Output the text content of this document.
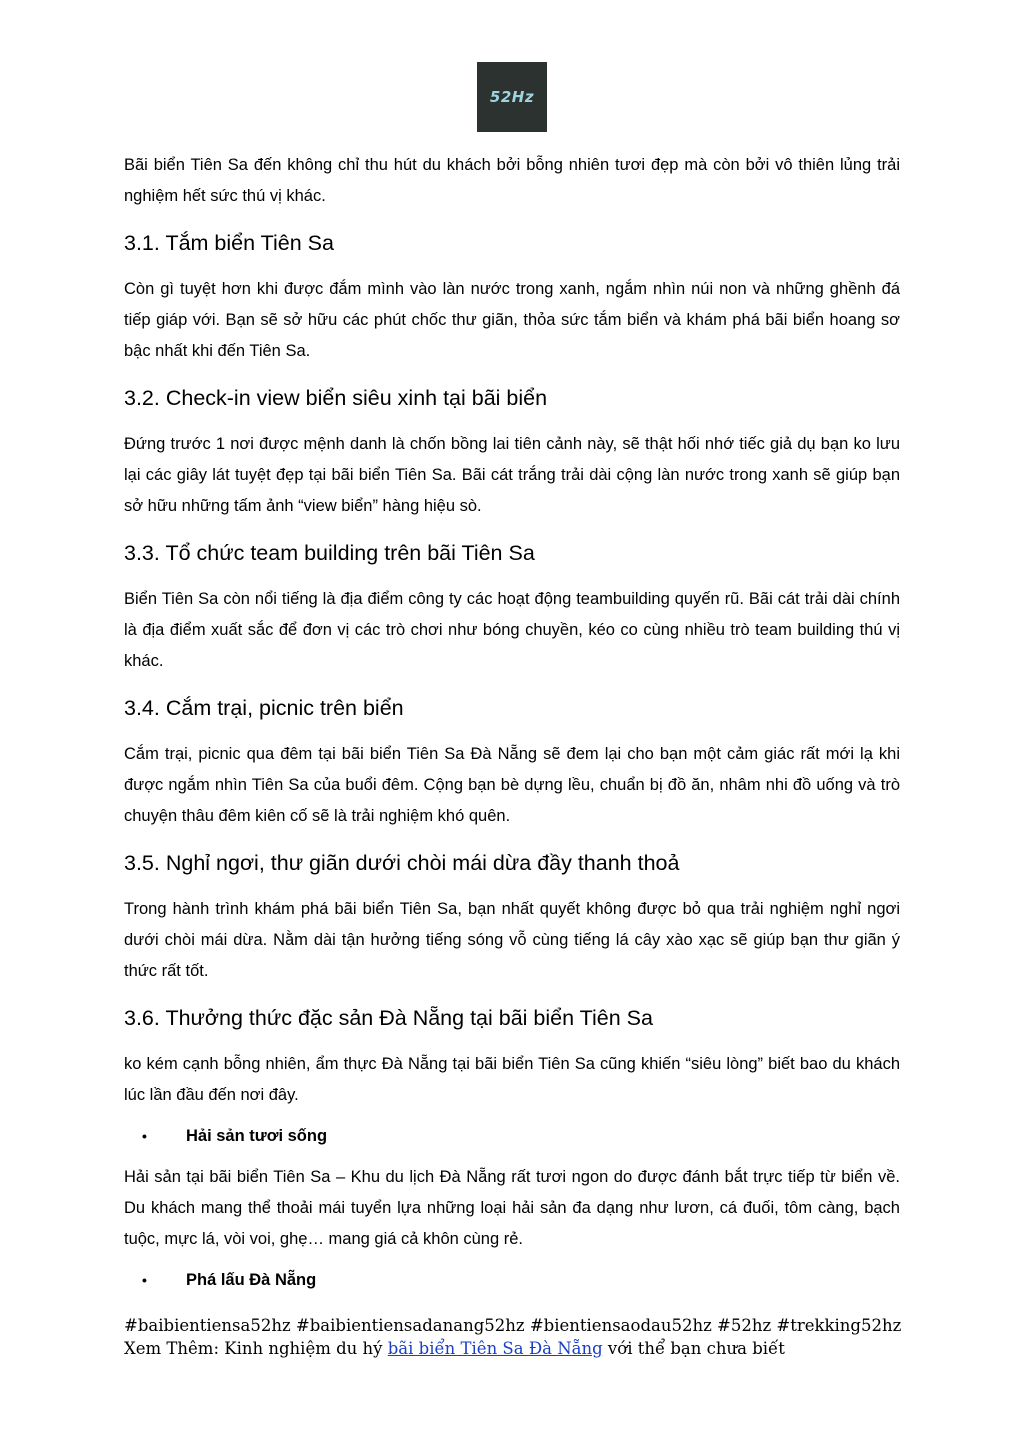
52Hz

Bãi biển Tiên Sa đến không chỉ thu hút du khách bởi bỗng nhiên tươi đẹp mà còn bởi vô thiên lủng trải nghiệm hết sức thú vị khác.

3.1. Tắm biển Tiên Sa

Còn gì tuyệt hơn khi được đắm mình vào làn nước trong xanh, ngắm nhìn núi non và những ghềnh đá tiếp giáp với. Bạn sẽ sở hữu các phút chốc thư giãn, thỏa sức tắm biển và khám phá bãi biển hoang sơ bậc nhất khi đến Tiên Sa.

3.2. Check-in view biển siêu xinh tại bãi biển

Đứng trước 1 nơi được mệnh danh là chốn bồng lai tiên cảnh này, sẽ thật hối nhớ tiếc giả dụ bạn ko lưu lại các giây lát tuyệt đẹp tại bãi biển Tiên Sa. Bãi cát trắng trải dài cộng làn nước trong xanh sẽ giúp bạn sở hữu những tấm ảnh “view biển” hàng hiệu sò.

3.3. Tổ chức team building trên bãi Tiên Sa

Biển Tiên Sa còn nổi tiếng là địa điểm công ty các hoạt động teambuilding quyến rũ. Bãi cát trải dài chính là địa điểm xuất sắc để đơn vị các trò chơi như bóng chuyền, kéo co cùng nhiều trò team building thú vị khác.

3.4. Cắm trại, picnic trên biển

Cắm trại, picnic qua đêm tại bãi biển Tiên Sa Đà Nẵng sẽ đem lại cho bạn một cảm giác rất mới lạ khi được ngắm nhìn Tiên Sa của buổi đêm. Cộng bạn bè dựng lều, chuẩn bị đồ ăn, nhâm nhi đồ uống và trò chuyện thâu đêm kiên cố sẽ là trải nghiệm khó quên.

3.5. Nghỉ ngơi, thư giãn dưới chòi mái dừa đầy thanh thoả

Trong hành trình khám phá bãi biển Tiên Sa, bạn nhất quyết không được bỏ qua trải nghiệm nghỉ ngơi dưới chòi mái dừa. Nằm dài tận hưởng tiếng sóng vỗ cùng tiếng lá cây xào xạc sẽ giúp bạn thư giãn ý thức rất tốt.

3.6. Thưởng thức đặc sản Đà Nẵng tại bãi biển Tiên Sa

ko kém cạnh bỗng nhiên, ẩm thực Đà Nẵng tại bãi biển Tiên Sa cũng khiến “siêu lòng” biết bao du khách lúc lần đầu đến nơi đây.

•	Hải sản tươi sống

Hải sản tại bãi biển Tiên Sa – Khu du lịch Đà Nẵng rất tươi ngon do được đánh bắt trực tiếp từ biển về. Du khách mang thể thoải mái tuyển lựa những loại hải sản đa dạng như lươn, cá đuối, tôm càng, bạch tuộc, mực lá, vòi voi, ghẹ… mang giá cả khôn cùng rẻ.

•	Phá lấu Đà Nẵng
#baibientiensa52hz #baibientiensadanang52hz #bientiensaodau52hz #52hz #trekking52hz
Xem Thêm: Kinh nghiệm du hý bãi biển Tiên Sa Đà Nẵng với thể bạn chưa biết
